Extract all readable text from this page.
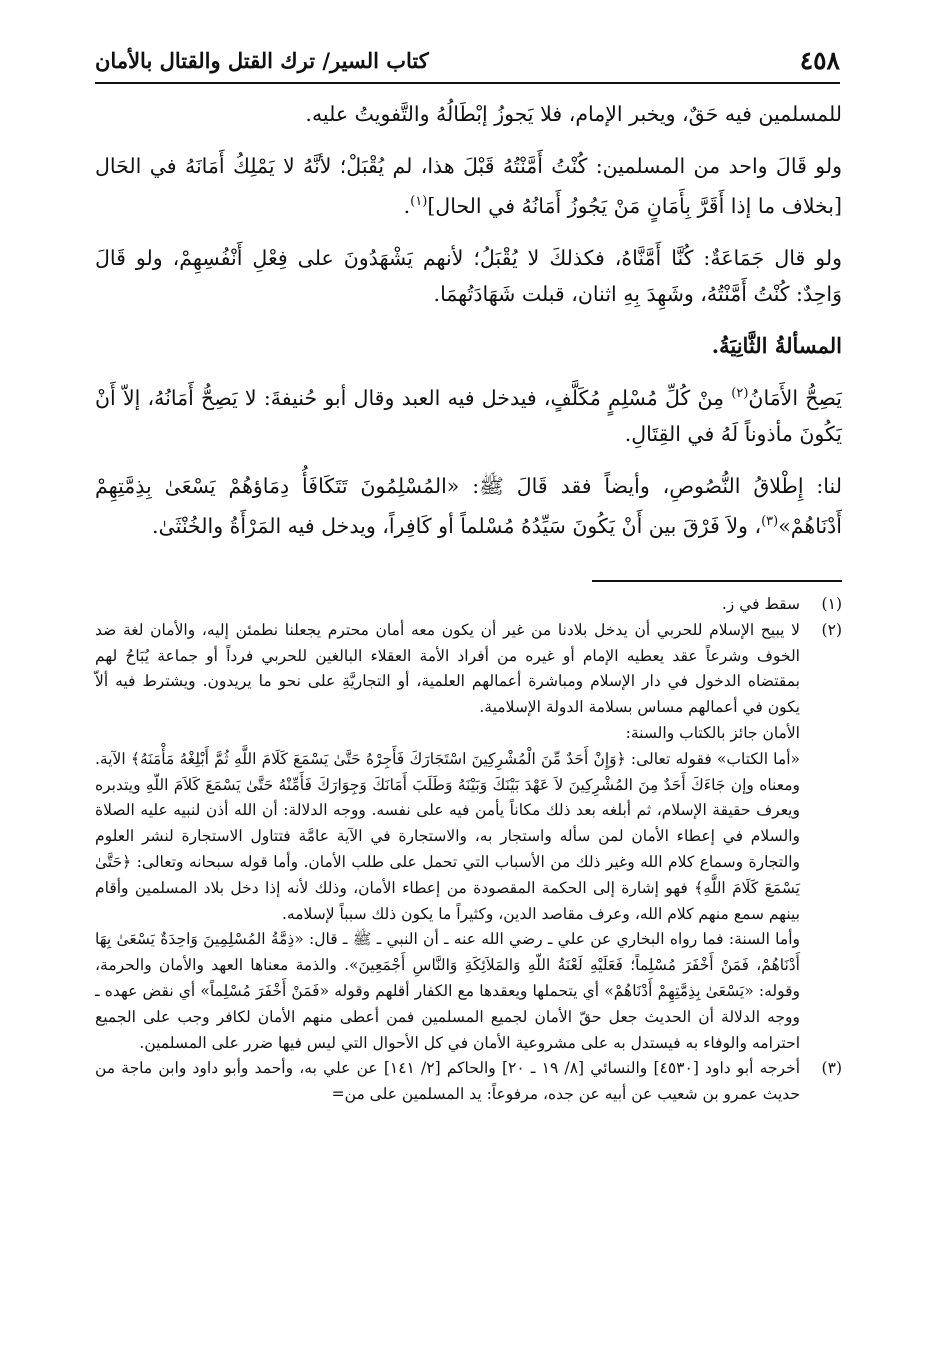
٤٥٨
كتاب السير/ ترك القتل والقتال بالأمان

للمسلمين فيه حَقٌ، ويخبر الإمام، فلا يَجوزُ إبْطَالُهُ والتَّفويتُ عليه.

ولو قَالَ واحد من المسلمين: كُنْتُ أَمَّنْتُهُ قَبْلَ هذا، لم يُقْبَلْ؛ لأنَّهُ لا يَمْلِكُ أَمَانَهُ في الحَال [بخلاف ما إذا أَقَرَّ بِأَمَانٍ مَنْ يَجُوزُ أَمَانُهُ في الحال]$^{(١)}$.

ولو قال جَمَاعَةٌ: كُنَّا أَمَّنَّاهُ، فكذلكَ لا يُقْبَلُ؛ لأنهم يَشْهَدُونَ على فِعْلِ أَنْفُسِهِمْ، ولو قَالَ وَاحِدٌ: كُنْتُ أَمَّنْتُهُ، وشَهِدَ بِهِ اثنان، قبلت شَهَادَتُهمَا.

المسألةُ الثَّانِيَةُ.

يَصِحُّ الأَمَانُ$^{(٢)}$ مِنْ كُلِّ مُسْلِمٍ مُكَلَّفٍ، فيدخل فيه العبد وقال أبو حُنيفةَ: لا يَصِحُّ أَمَانُهُ، إلاّ أَنْ يَكُونَ مأذوناً لَهُ في القِتَالِ.

لنا: إِطْلاقُ النُّصُوصِ، وأيضاً فقد قَالَ ﷺ: «المُسْلِمُونَ تَتَكَافَأُ دِمَاؤهُمْ يَسْعَىٰ بِذِمَّتِهِمْ أَدْنَاهُمْ»$^{(٣)}$، ولاَ فَرْقَ بين أَنْ يَكُونَ سَيِّدُهُ مُسْلماً أو كَافِراً، ويدخل فيه المَرْأَةُ والخُنْثَىٰ.

(١)

سقط في ز.

(٢)

لا يبيح الإسلام للحربي أن يدخل بلادنا من غير أن يكون معه أمان محترم يجعلنا نطمئن إليه، والأمان لغة ضد الخوف وشرعاً عقد يعطيه الإمام أو غيره من أفراد الأمة العقلاء البالغين للحربي فرداً أو جماعة يُبَاحُ لهم بمقتضاه الدخول في دار الإسلام ومباشرة أعمالهم العلمية، أو التجاريَّةِ على نحو ما يريدون. ويشترط فيه ألاّ يكون في أعمالهم مساس بسلامة الدولة الإسلامية.

الأمان جائز بالكتاب والسنة:

«أما الكتاب» فقوله تعالى: ﴿وَإِنْ أَحَدٌ مِّنَ الْمُشْرِكِينَ اسْتَجَارَكَ فَأَجِرْهُ حَتَّىٰ يَسْمَعَ كَلَامَ اللَّهِ ثُمَّ أَبْلِغْهُ مَأْمَنَهُ﴾ الآية. ومعناه وإن جَاءَكَ أَحَدٌ مِنَ المُشْرِكِينَ لاَ عَهْدَ بَيْنَكَ وَبَيْنَهُ وَطَلَبَ أَمَانَكَ وَجِوَارَكَ فَأَمِّنْهُ حَتَّىٰ يَسْمَعَ كَلاَمَ اللّهِ ويتدبره ويعرف حقيقة الإسلام، ثم أبلغه بعد ذلك مكاناً يأمن فيه على نفسه. ووجه الدلالة: أن الله أذن لنبيه عليه الصلاة والسلام في إعطاء الأمان لمن سأله واستجار به، والاستجارة في الآية عامَّة فتتاول الاستجارة لنشر العلوم والتجارة وسماع كلام الله وغير ذلك من الأسباب التي تحمل على طلب الأمان. وأما قوله سبحانه وتعالى: ﴿حَتَّىٰ يَسْمَعَ كَلَامَ اللَّهِ﴾ فهو إشارة إلى الحكمة المقصودة من إعطاء الأمان، وذلك لأنه إذا دخل بلاد المسلمين وأقام بينهم سمع منهم كلام الله، وعرف مقاصد الدين، وكثيراً ما يكون ذلك سبباً لإسلامه.

وأما السنة: فما رواه البخاري عن علي ـ رضي الله عنه ـ أن النبي ـ ﷺ ـ قال: «ذِمَّةُ المُسْلِمِينَ وَاحِدَةٌ يَسْعَىٰ بِهَا أَدْنَاهُمْ، فَمَنْ أَخْفَرَ مُسْلِماً؛ فَعَلَيْهِ لَعْنَةُ اللّهِ وَالمَلاَئِكَةِ وَالنَّاسِ أَجْمَعِينَ». والذمة معناها العهد والأمان والحرمة، وقوله: «يَسْعَىٰ بِذِمَّتِهِمْ أَدْنَاهُمْ» أي يتحملها ويعقدها مع الكفار أقلهم وقوله «فَمَنْ أَخْفَرَ مُسْلِماً» أي نقض عهده ـ ووجه الدلالة أن الحديث جعل حقّ الأمان لجميع المسلمين فمن أعطى منهم الأمان لكافر وجب على الجميع احترامه والوفاء به فيستدل به على مشروعية الأمان في كل الأحوال التي ليس فيها ضرر على المسلمين.

(٣)

أخرجه أبو داود [٤٥٣٠] والنسائي [٨/ ١٩ ـ ٢٠] والحاكم [٢/ ١٤١] عن علي به، وأحمد وأبو داود وابن ماجة من حديث عمرو بن شعيب عن أبيه عن جده، مرفوعاً: يد المسلمين على من=
